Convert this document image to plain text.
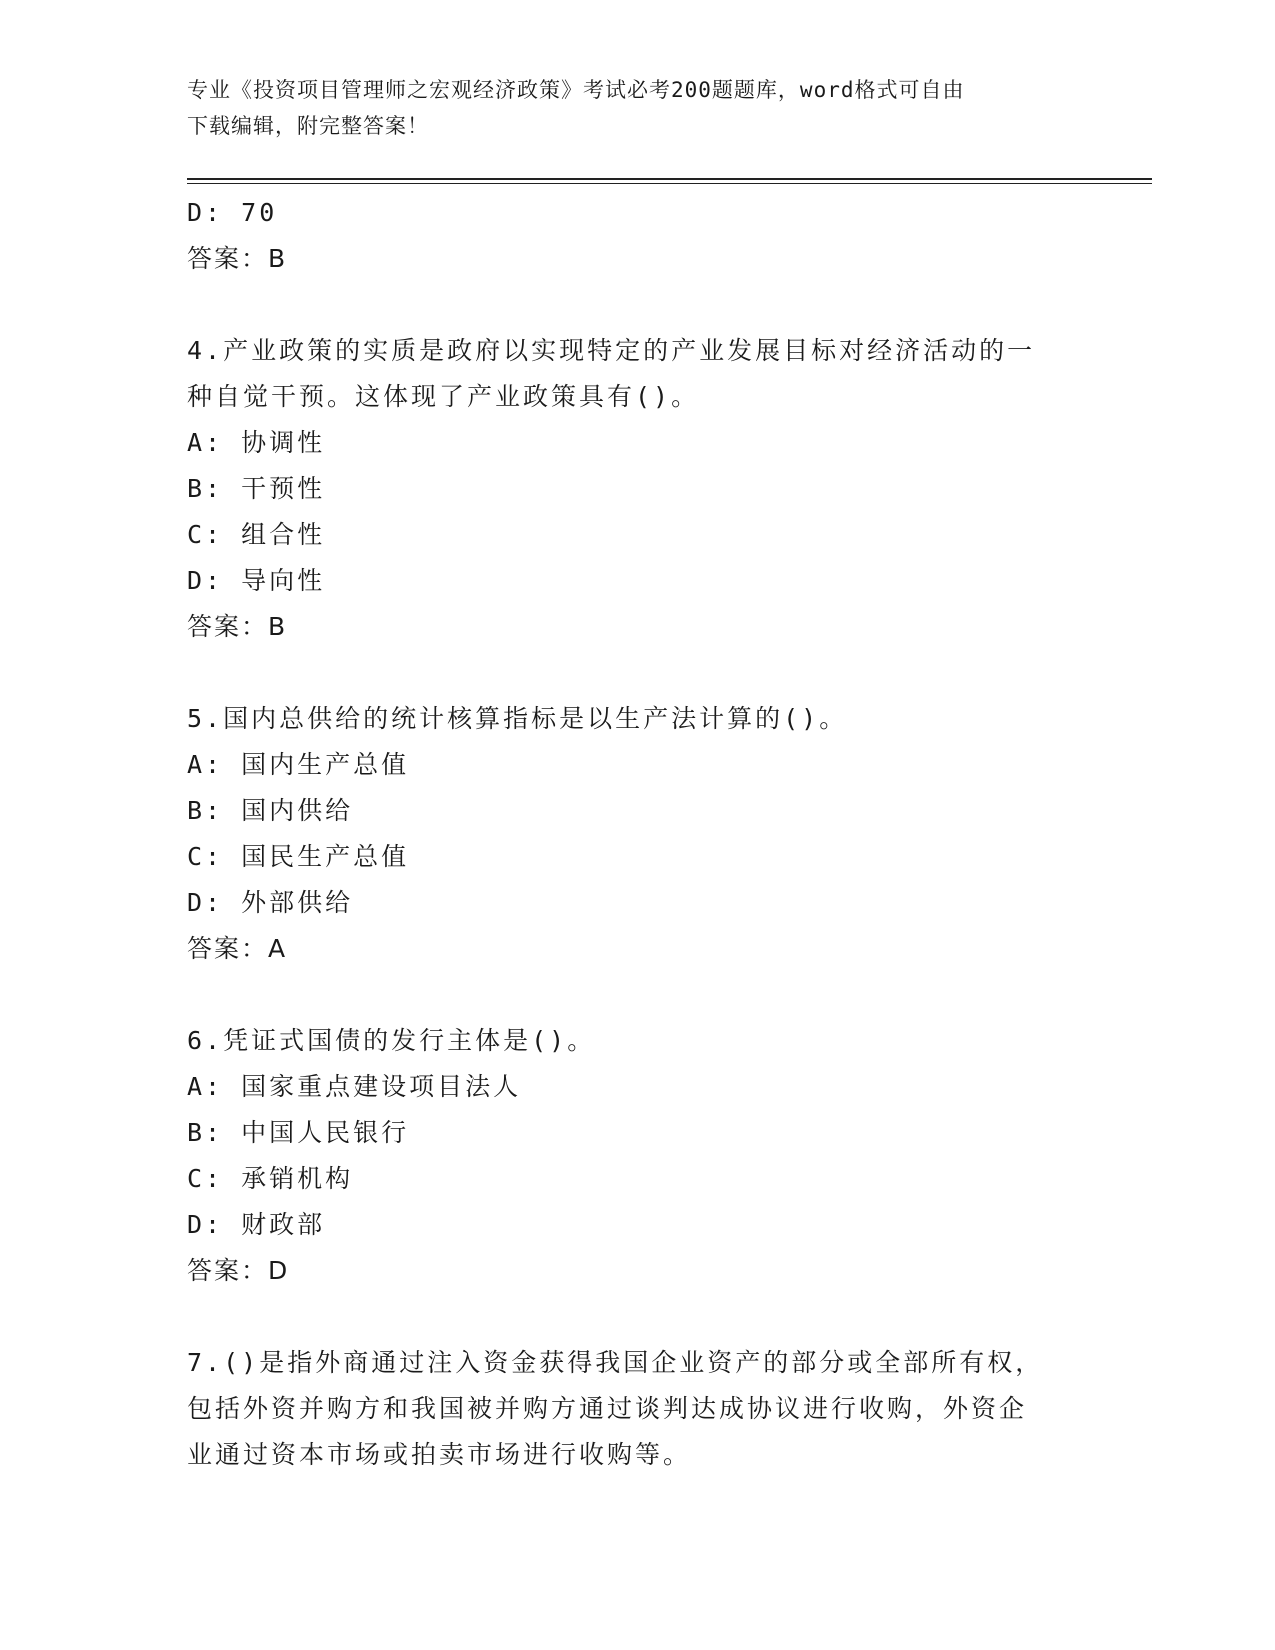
专业《投资项目管理师之宏观经济政策》考试必考200题题库，word格式可自由
下载编辑，附完整答案！
D: 70
答案：B
4.产业政策的实质是政府以实现特定的产业发展目标对经济活动的一
种自觉干预。这体现了产业政策具有()。
A: 协调性
B: 干预性
C: 组合性
D: 导向性
答案：B
5.国内总供给的统计核算指标是以生产法计算的()。
A: 国内生产总值
B: 国内供给
C: 国民生产总值
D: 外部供给
答案：A
6.凭证式国债的发行主体是()。
A: 国家重点建设项目法人
B: 中国人民银行
C: 承销机构
D: 财政部
答案：D
7.()是指外商通过注入资金获得我国企业资产的部分或全部所有权，
包括外资并购方和我国被并购方通过谈判达成协议进行收购，外资企
业通过资本市场或拍卖市场进行收购等。
